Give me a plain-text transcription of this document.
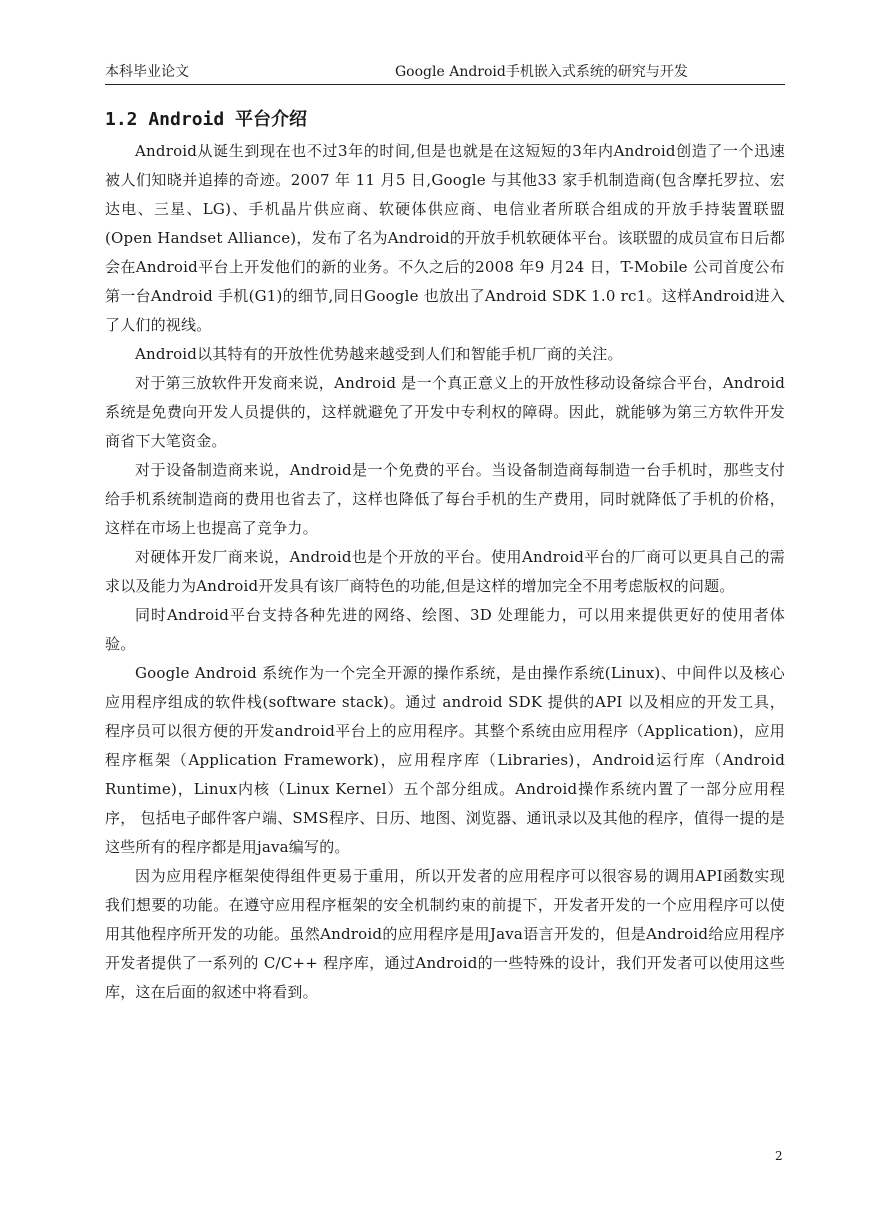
本科毕业论文	Google Android手机嵌入式系统的研究与开发
1.2 Android 平台介绍

Android从诞生到现在也不过3年的时间,但是也就是在这短短的3年内Android创造了一个迅速被人们知晓并追捧的奇迹。2007 年 11 月5 日,Google 与其他33 家手机制造商(包含摩托罗拉、宏达电、三星、LG)、手机晶片供应商、软硬体供应商、电信业者所联合组成的开放手持装置联盟(Open Handset Alliance)，发布了名为Android的开放手机软硬体平台。该联盟的成员宣布日后都会在Android平台上开发他们的新的业务。不久之后的2008 年9 月24 日，T-Mobile 公司首度公布第一台Android 手机(G1)的细节,同日Google 也放出了Android SDK 1.0 rc1。这样Android进入了人们的视线。

Android以其特有的开放性优势越来越受到人们和智能手机厂商的关注。

对于第三放软件开发商来说，Android 是一个真正意义上的开放性移动设备综合平台，Android系统是免费向开发人员提供的，这样就避免了开发中专利权的障碍。因此，就能够为第三方软件开发商省下大笔资金。

对于设备制造商来说，Android是一个免费的平台。当设备制造商每制造一台手机时，那些支付给手机系统制造商的费用也省去了，这样也降低了每台手机的生产费用，同时就降低了手机的价格，这样在市场上也提高了竞争力。

对硬体开发厂商来说，Android也是个开放的平台。使用Android平台的厂商可以更具自己的需求以及能力为Android开发具有该厂商特色的功能,但是这样的增加完全不用考虑版权的问题。

同时Android平台支持各种先进的网络、绘图、3D 处理能力，可以用来提供更好的使用者体验。

Google Android 系统作为一个完全开源的操作系统，是由操作系统(Linux)、中间件以及核心应用程序组成的软件栈(software stack)。通过 android SDK 提供的API 以及相应的开发工具， 程序员可以很方便的开发android平台上的应用程序。其整个系统由应用程序（Application)，应用程序框架（Application Framework)，应用程序库（Libraries)，Android运行库（Android Runtime)，Linux内核（Linux Kernel）五个部分组成。Android操作系统内置了一部分应用程序， 包括电子邮件客户端、SMS程序、日历、地图、浏览器、通讯录以及其他的程序，值得一提的是这些所有的程序都是用java编写的。

因为应用程序框架使得组件更易于重用，所以开发者的应用程序可以很容易的调用API函数实现我们想要的功能。在遵守应用程序框架的安全机制约束的前提下，开发者开发的一个应用程序可以使用其他程序所开发的功能。虽然Android的应用程序是用Java语言开发的，但是Android给应用程序开发者提供了一系列的 C/C++ 程序库，通过Android的一些特殊的设计，我们开发者可以使用这些库，这在后面的叙述中将看到。

2
